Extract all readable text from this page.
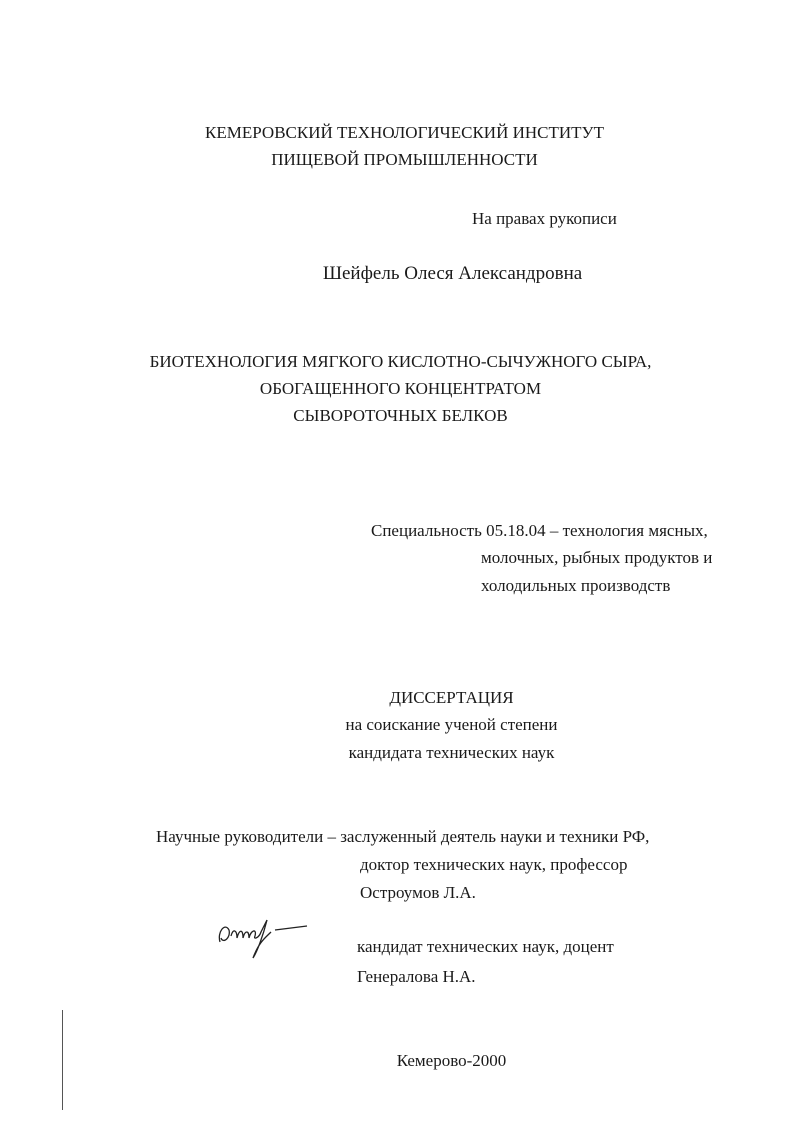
КЕМЕРОВСКИЙ ТЕХНОЛОГИЧЕСКИЙ ИНСТИТУТ
ПИЩЕВОЙ ПРОМЫШЛЕННОСТИ
На правах рукописи
Шейфель Олеся Александровна
БИОТЕХНОЛОГИЯ МЯГКОГО КИСЛОТНО-СЫЧУЖНОГО СЫРА,
ОБОГАЩЕННОГО КОНЦЕНТРАТОМ
СЫВОРОТОЧНЫХ БЕЛКОВ
Специальность 05.18.04 – технология мясных,
молочных, рыбных продуктов и
холодильных производств
ДИССЕРТАЦИЯ
на соискание ученой степени
кандидата технических наук
Научные руководители – заслуженный деятель науки и техники РФ,
доктор технических наук, профессор
Остроумов Л.А.
кандидат технических наук, доцент
Генералова Н.А.
Кемерово-2000
